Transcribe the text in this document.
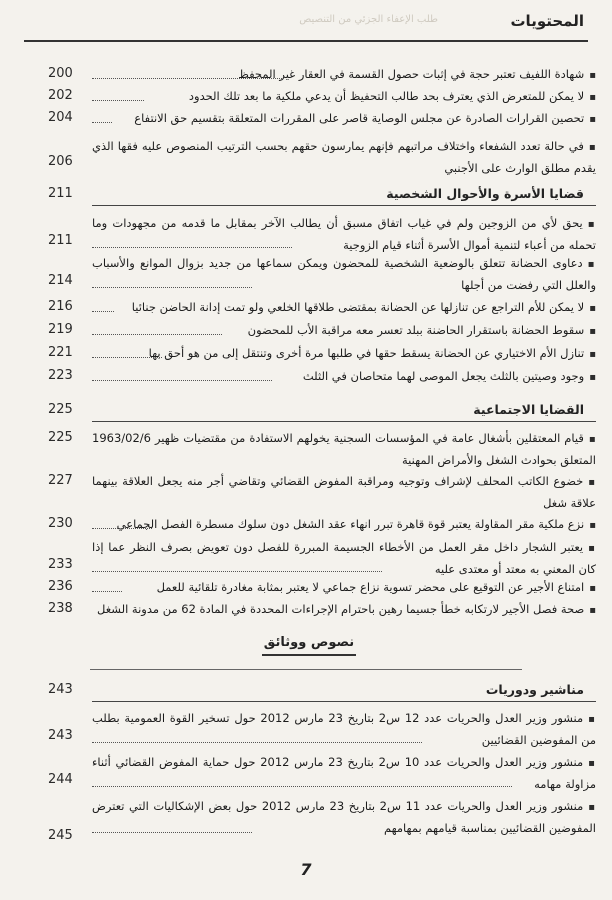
طلب الإعفاء الجزئي من التنصيص	المحتويات
▪شهادة اللفيف تعتبر حجة في إثبات حصول القسمة في العقار غير المحفظ
200
▪لا يمكن للمتعرض الذي يعترف بحد طالب التحفيظ أن يدعي ملكية ما بعد تلك الحدود
202
▪تحصين القرارات الصادرة عن مجلس الوصاية قاصر على المقررات المتعلقة بتقسيم حق الانتفاع
204
▪في حالة تعدد الشفعاء واختلاف مراتبهم فإنهم يمارسون حقهم بحسب الترتيب المنصوص عليه فقها الذي يقدم مطلق الوارث على الأجنبي
206
قضايا الأسرة والأحوال الشخصية
211
▪يحق لأي من الزوجين ولم في غياب اتفاق مسبق أن يطالب الآخر بمقابل ما قدمه من مجهودات وما تحمله من أعباء لتنمية أموال الأسرة أثناء قيام الزوجية
211
▪دعاوى الحضانة تتعلق بالوضعية الشخصية للمحضون ويمكن سماعها من جديد بزوال الموانع والأسباب والعلل التي رفضت من أجلها
214
▪لا يمكن للأم التراجع عن تنازلها عن الحضانة بمقتضى طلاقها الخلعي ولو تمت إدانة الحاضن جنائيا
216
▪سقوط الحضانة باستقرار الحاضنة ببلد تعسر معه مراقبة الأب للمحضون
219
▪تنازل الأم الاختياري عن الحضانة يسقط حقها في طلبها مرة أخرى وتنتقل إلى من هو أحق بها
221
▪وجود وصيتين بالثلث يجعل الموصى لهما متحاصان في الثلث
223
القضايا الاجتماعية
225
▪قيام المعتقلين بأشغال عامة في المؤسسات السجنية يخولهم الاستفادة من مقتضيات ظهير 1963/02/6 المتعلق بحوادث الشغل والأمراض المهنية
225
▪خضوع الكاتب المحلف لإشراف وتوجيه ومراقبة المفوض القضائي وتقاضي أجر منه يجعل العلاقة بينهما علاقة شغل
227
▪نزع ملكية مقر المقاولة يعتبر قوة قاهرة تبرر انهاء عقد الشغل دون سلوك مسطرة الفصل الجماعي
230
▪يعتبر الشجار داخل مقر العمل من الأخطاء الجسيمة المبررة للفصل دون تعويض بصرف النظر عما إذا كان المعني به معتد أو معتدى عليه
233
▪امتناع الأجير عن التوقيع على محضر تسوية نزاع جماعي لا يعتبر بمثابة مغادرة تلقائية للعمل
236
▪صحة فصل الأجير لارتكابه خطأ جسيما رهين باحترام الإجراءات المحددة في المادة 62 من مدونة الشغل
238
نصوص ووثائق
مناشير ودوريات
243
▪منشور وزير العدل والحريات عدد 12 س2 بتاريخ 23 مارس 2012 حول تسخير القوة العمومية بطلب من المفوضين القضائيين
243
▪منشور وزير العدل والحريات عدد 10 س2 بتاريخ 23 مارس 2012 حول حماية المفوض القضائي أثناء مزاولة مهامه
244
▪منشور وزير العدل والحريات عدد 11 س2 بتاريخ 23 مارس 2012 حول بعض الإشكاليات التي تعترض المفوضين القضائيين بمناسبة قيامهم بمهامهم
245
7
